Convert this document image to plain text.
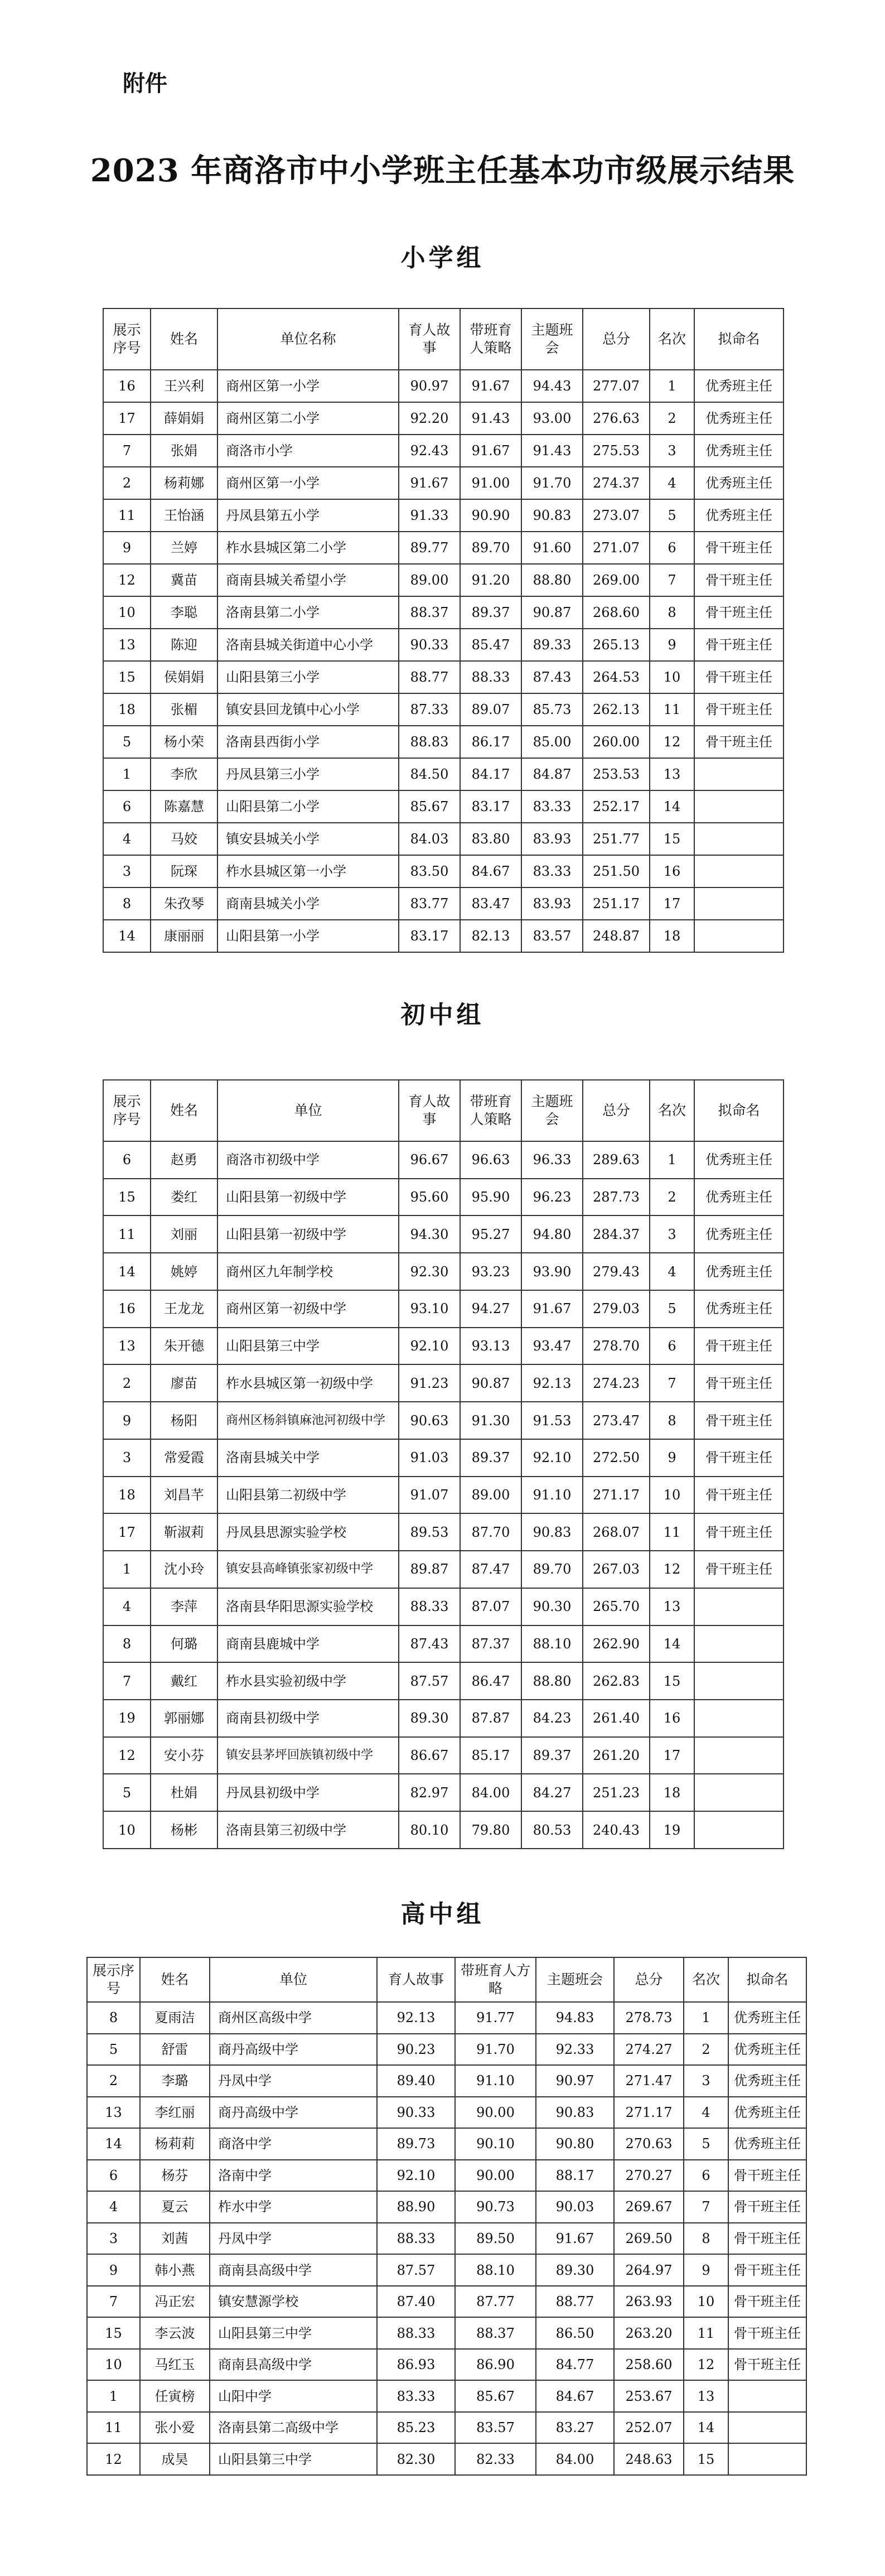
附件
2023 年商洛市中小学班主任基本功市级展示结果
小学组
展示序号	姓名	单位名称	育人故事	带班育人策略	主题班会	总分	名次	拟命名
16	王兴利	商州区第一小学	90.97	91.67	94.43	277.07	1	优秀班主任
17	薛娟娟	商州区第二小学	92.20	91.43	93.00	276.63	2	优秀班主任
7	张娟	商洛市小学	92.43	91.67	91.43	275.53	3	优秀班主任
2	杨莉娜	商州区第一小学	91.67	91.00	91.70	274.37	4	优秀班主任
11	王怡涵	丹凤县第五小学	91.33	90.90	90.83	273.07	5	优秀班主任
9	兰婷	柞水县城区第二小学	89.77	89.70	91.60	271.07	6	骨干班主任
12	冀苗	商南县城关希望小学	89.00	91.20	88.80	269.00	7	骨干班主任
10	李聪	洛南县第二小学	88.37	89.37	90.87	268.60	8	骨干班主任
13	陈迎	洛南县城关街道中心小学	90.33	85.47	89.33	265.13	9	骨干班主任
15	侯娟娟	山阳县第三小学	88.77	88.33	87.43	264.53	10	骨干班主任
18	张楣	镇安县回龙镇中心小学	87.33	89.07	85.73	262.13	11	骨干班主任
5	杨小荣	洛南县西街小学	88.83	86.17	85.00	260.00	12	骨干班主任
1	李欣	丹凤县第三小学	84.50	84.17	84.87	253.53	13	
6	陈嘉慧	山阳县第二小学	85.67	83.17	83.33	252.17	14	
4	马姣	镇安县城关小学	84.03	83.80	83.93	251.77	15	
3	阮琛	柞水县城区第一小学	83.50	84.67	83.33	251.50	16	
8	朱孜琴	商南县城关小学	83.77	83.47	83.93	251.17	17	
14	康丽丽	山阳县第一小学	83.17	82.13	83.57	248.87	18	
初中组
展示序号	姓名	单位	育人故事	带班育人策略	主题班会	总分	名次	拟命名
6	赵勇	商洛市初级中学	96.67	96.63	96.33	289.63	1	优秀班主任
15	娄红	山阳县第一初级中学	95.60	95.90	96.23	287.73	2	优秀班主任
11	刘丽	山阳县第一初级中学	94.30	95.27	94.80	284.37	3	优秀班主任
14	姚婷	商州区九年制学校	92.30	93.23	93.90	279.43	4	优秀班主任
16	王龙龙	商州区第一初级中学	93.10	94.27	91.67	279.03	5	优秀班主任
13	朱开德	山阳县第三中学	92.10	93.13	93.47	278.70	6	骨干班主任
2	廖苗	柞水县城区第一初级中学	91.23	90.87	92.13	274.23	7	骨干班主任
9	杨阳	商州区杨斜镇麻池河初级中学	90.63	91.30	91.53	273.47	8	骨干班主任
3	常爱霞	洛南县城关中学	91.03	89.37	92.10	272.50	9	骨干班主任
18	刘昌芊	山阳县第二初级中学	91.07	89.00	91.10	271.17	10	骨干班主任
17	靳淑莉	丹凤县思源实验学校	89.53	87.70	90.83	268.07	11	骨干班主任
1	沈小玲	镇安县高峰镇张家初级中学	89.87	87.47	89.70	267.03	12	骨干班主任
4	李萍	洛南县华阳思源实验学校	88.33	87.07	90.30	265.70	13	
8	何璐	商南县鹿城中学	87.43	87.37	88.10	262.90	14	
7	戴红	柞水县实验初级中学	87.57	86.47	88.80	262.83	15	
19	郭丽娜	商南县初级中学	89.30	87.87	84.23	261.40	16	
12	安小芬	镇安县茅坪回族镇初级中学	86.67	85.17	89.37	261.20	17	
5	杜娟	丹凤县初级中学	82.97	84.00	84.27	251.23	18	
10	杨彬	洛南县第三初级中学	80.10	79.80	80.53	240.43	19	
高中组
展示序号	姓名	单位	育人故事	带班育人方略	主题班会	总分	名次	拟命名
8	夏雨洁	商州区高级中学	92.13	91.77	94.83	278.73	1	优秀班主任
5	舒雷	商丹高级中学	90.23	91.70	92.33	274.27	2	优秀班主任
2	李璐	丹凤中学	89.40	91.10	90.97	271.47	3	优秀班主任
13	李红丽	商丹高级中学	90.33	90.00	90.83	271.17	4	优秀班主任
14	杨莉莉	商洛中学	89.73	90.10	90.80	270.63	5	优秀班主任
6	杨芬	洛南中学	92.10	90.00	88.17	270.27	6	骨干班主任
4	夏云	柞水中学	88.90	90.73	90.03	269.67	7	骨干班主任
3	刘茜	丹凤中学	88.33	89.50	91.67	269.50	8	骨干班主任
9	韩小燕	商南县高级中学	87.57	88.10	89.30	264.97	9	骨干班主任
7	冯正宏	镇安慧源学校	87.40	87.77	88.77	263.93	10	骨干班主任
15	李云波	山阳县第三中学	88.33	88.37	86.50	263.20	11	骨干班主任
10	马红玉	商南县高级中学	86.93	86.90	84.77	258.60	12	骨干班主任
1	任寅榜	山阳中学	83.33	85.67	84.67	253.67	13	
11	张小爱	洛南县第二高级中学	85.23	83.57	83.27	252.07	14	
12	成昊	山阳县第三中学	82.30	82.33	84.00	248.63	15	
